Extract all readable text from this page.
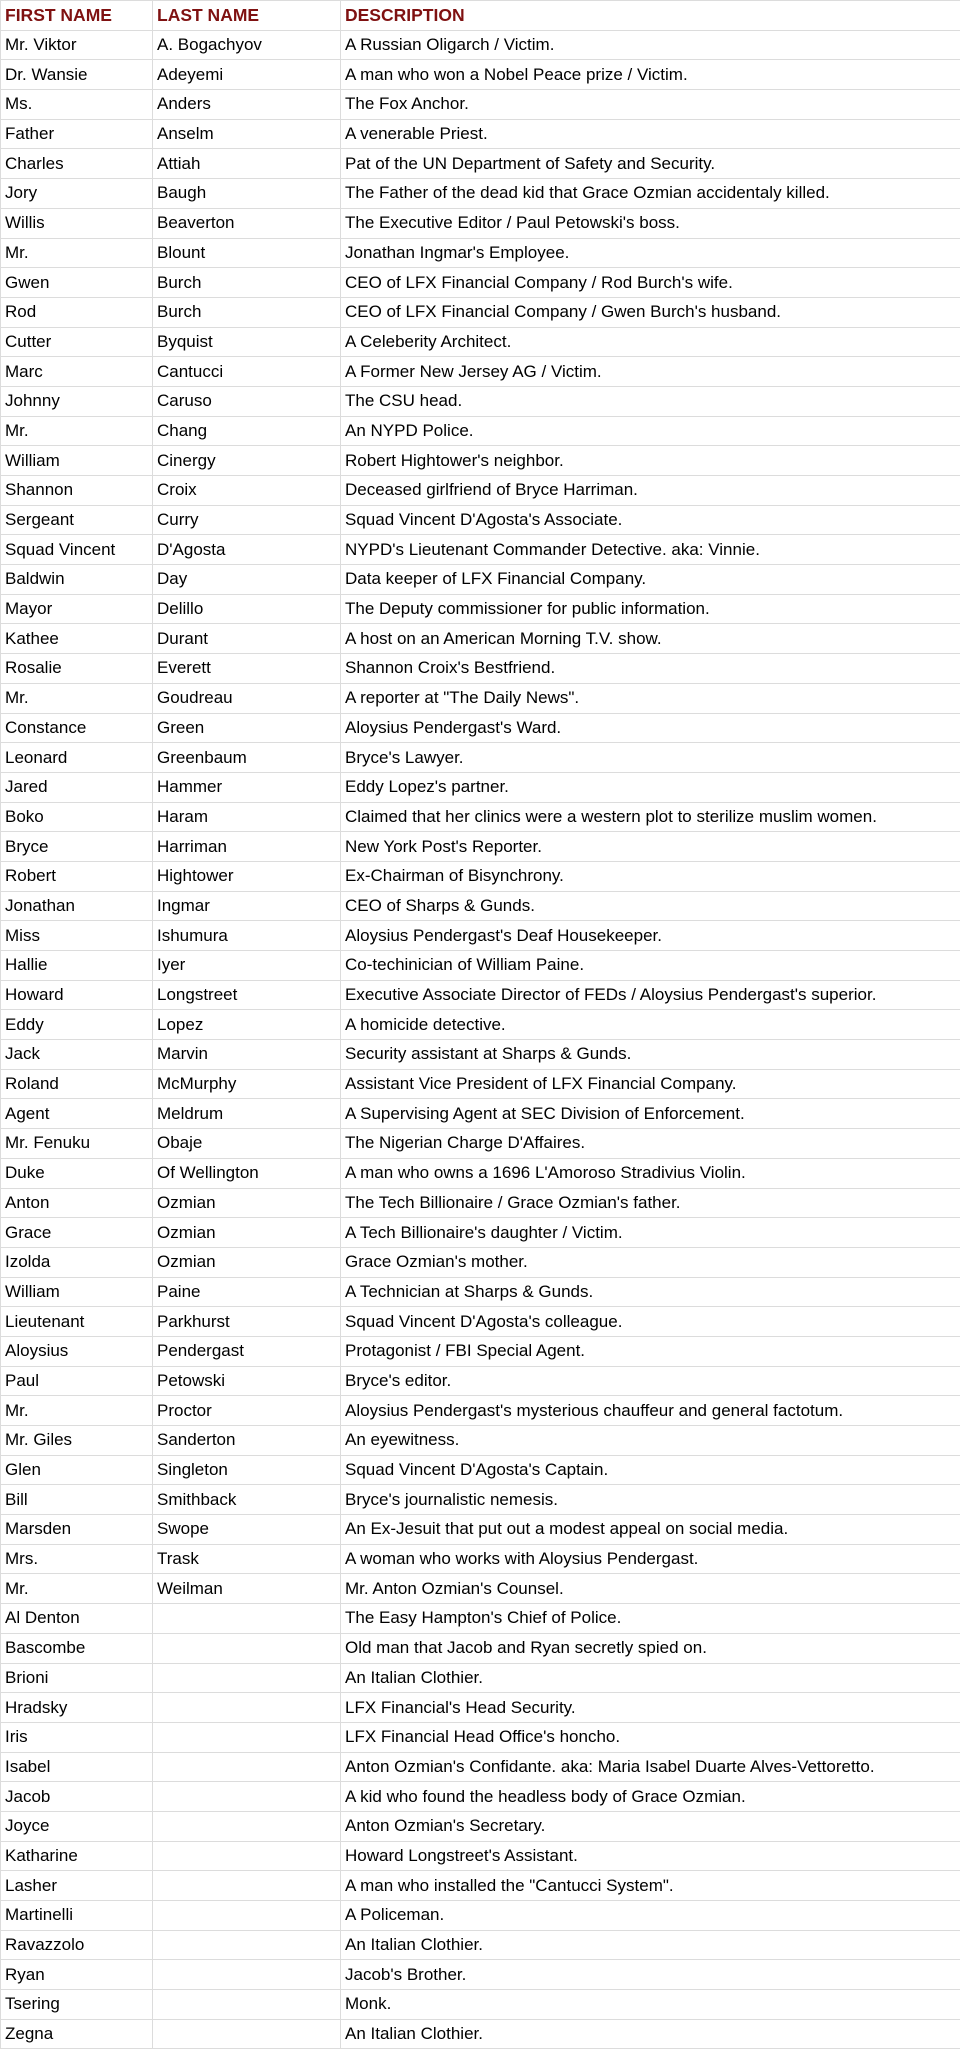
FIRST NAME	LAST NAME	DESCRIPTION
Mr. Viktor	A. Bogachyov	A Russian Oligarch / Victim.
Dr. Wansie	Adeyemi	A man who won a Nobel Peace prize / Victim.
Ms.	Anders	The Fox Anchor.
Father	Anselm	A venerable Priest.
Charles	Attiah	Pat of the UN Department of Safety and Security.
Jory	Baugh	The Father of the dead kid that Grace Ozmian accidentaly killed.
Willis	Beaverton	The Executive Editor / Paul Petowski's boss.
Mr.	Blount	Jonathan Ingmar's Employee.
Gwen	Burch	CEO of LFX Financial Company / Rod Burch's wife.
Rod	Burch	CEO of LFX Financial Company / Gwen Burch's husband.
Cutter	Byquist	A Celeberity Architect.
Marc	Cantucci	A Former New Jersey AG / Victim.
Johnny	Caruso	The CSU head.
Mr.	Chang	An NYPD Police.
William	Cinergy	Robert Hightower's neighbor.
Shannon	Croix	Deceased girlfriend of Bryce Harriman.
Sergeant	Curry	Squad Vincent D'Agosta's Associate.
Squad Vincent	D'Agosta	NYPD's Lieutenant Commander Detective. aka: Vinnie.
Baldwin	Day	Data keeper of LFX Financial Company.
Mayor	Delillo	The Deputy commissioner for public information.
Kathee	Durant	A host on an American Morning T.V. show.
Rosalie	Everett	Shannon Croix's Bestfriend.
Mr.	Goudreau	A reporter at "The Daily News".
Constance	Green	Aloysius Pendergast's Ward.
Leonard	Greenbaum	Bryce's Lawyer.
Jared	Hammer	Eddy Lopez's partner.
Boko	Haram	Claimed that her clinics were a western plot to sterilize muslim women.
Bryce	Harriman	New York Post's Reporter.
Robert	Hightower	Ex-Chairman of Bisynchrony.
Jonathan	Ingmar	CEO of Sharps & Gunds.
Miss	Ishumura	Aloysius Pendergast's Deaf Housekeeper.
Hallie	Iyer	Co-techinician of William Paine.
Howard	Longstreet	Executive Associate Director of FEDs / Aloysius Pendergast's superior.
Eddy	Lopez	A homicide detective.
Jack	Marvin	Security assistant at Sharps & Gunds.
Roland	McMurphy	Assistant Vice President of LFX Financial Company.
Agent	Meldrum	A Supervising Agent at SEC Division of Enforcement.
Mr. Fenuku	Obaje	The Nigerian Charge D'Affaires.
Duke	Of Wellington	A man who owns a 1696 L'Amoroso Stradivius Violin.
Anton	Ozmian	The Tech Billionaire / Grace Ozmian's father.
Grace	Ozmian	A Tech Billionaire's daughter / Victim.
Izolda	Ozmian	Grace Ozmian's mother.
William	Paine	A Technician at Sharps & Gunds.
Lieutenant	Parkhurst	Squad Vincent D'Agosta's colleague.
Aloysius	Pendergast	Protagonist / FBI Special Agent.
Paul	Petowski	Bryce's editor.
Mr.	Proctor	Aloysius Pendergast's mysterious chauffeur and general factotum.
Mr. Giles	Sanderton	An eyewitness.
Glen	Singleton	Squad Vincent D'Agosta's Captain.
Bill	Smithback	Bryce's journalistic nemesis.
Marsden	Swope	An Ex-Jesuit that put out a modest appeal on social media.
Mrs.	Trask	A woman who works with Aloysius Pendergast.
Mr.	Weilman	Mr. Anton Ozmian's Counsel.
Al Denton		The Easy Hampton's Chief of Police.
Bascombe		Old man that Jacob and Ryan secretly spied on.
Brioni		An Italian Clothier.
Hradsky		LFX Financial's Head Security.
Iris		LFX Financial Head Office's honcho.
Isabel		Anton Ozmian's Confidante. aka: Maria Isabel Duarte Alves-Vettoretto.
Jacob		A kid who found the headless body of Grace Ozmian.
Joyce		Anton Ozmian's Secretary.
Katharine		Howard Longstreet's Assistant.
Lasher		A man who installed the "Cantucci System".
Martinelli		A Policeman.
Ravazzolo		An Italian Clothier.
Ryan		Jacob's Brother.
Tsering		Monk.
Zegna		An Italian Clothier.
